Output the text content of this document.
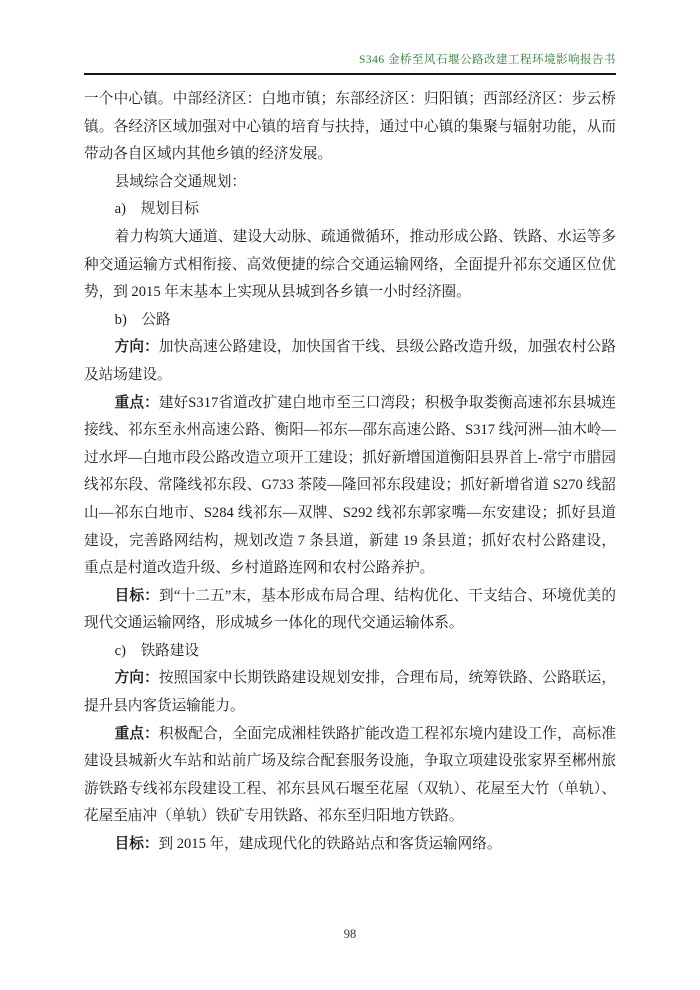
S346 金桥至风石堰公路改建工程环境影响报告书

一个中心镇。中部经济区：白地市镇；东部经济区：归阳镇；西部经济区：步云桥镇。各经济区域加强对中心镇的培育与扶持，通过中心镇的集聚与辐射功能，从而带动各自区域内其他乡镇的经济发展。

县域综合交通规划：

a)　规划目标

着力构筑大通道、建设大动脉、疏通微循环，推动形成公路、铁路、水运等多种交通运输方式相衔接、高效便捷的综合交通运输网络，全面提升祁东交通区位优势，到 2015 年末基本上实现从县城到各乡镇一小时经济圈。

b)　公路

方向：加快高速公路建设，加快国省干线、县级公路改造升级，加强农村公路及站场建设。

重点：建好S317省道改扩建白地市至三口湾段；积极争取娄衡高速祁东县城连接线、祁东至永州高速公路、衡阳—祁东—邵东高速公路、S317 线河洲—油木岭—过水坪—白地市段公路改造立项开工建设；抓好新增国道衡阳县界首上-常宁市腊园线祁东段、常隆线祁东段、G733 茶陵—隆回祁东段建设；抓好新增省道 S270 线韶山—祁东白地市、S284 线祁东—双牌、S292 线祁东郭家嘴—东安建设；抓好县道建设，完善路网结构，规划改造 7 条县道，新建 19 条县道；抓好农村公路建设，重点是村道改造升级、乡村道路连网和农村公路养护。

目标：到“十二五”末，基本形成布局合理、结构优化、干支结合、环境优美的现代交通运输网络，形成城乡一体化的现代交通运输体系。

c)　铁路建设

方向：按照国家中长期铁路建设规划安排，合理布局，统筹铁路、公路联运，提升县内客货运输能力。

重点：积极配合，全面完成湘桂铁路扩能改造工程祁东境内建设工作，高标准建设县城新火车站和站前广场及综合配套服务设施，争取立项建设张家界至郴州旅游铁路专线祁东段建设工程、祁东县风石堰至花屋（双轨）、花屋至大竹（单轨）、花屋至庙冲（单轨）铁矿专用铁路、祁东至归阳地方铁路。

目标：到 2015 年，建成现代化的铁路站点和客货运输网络。

98
